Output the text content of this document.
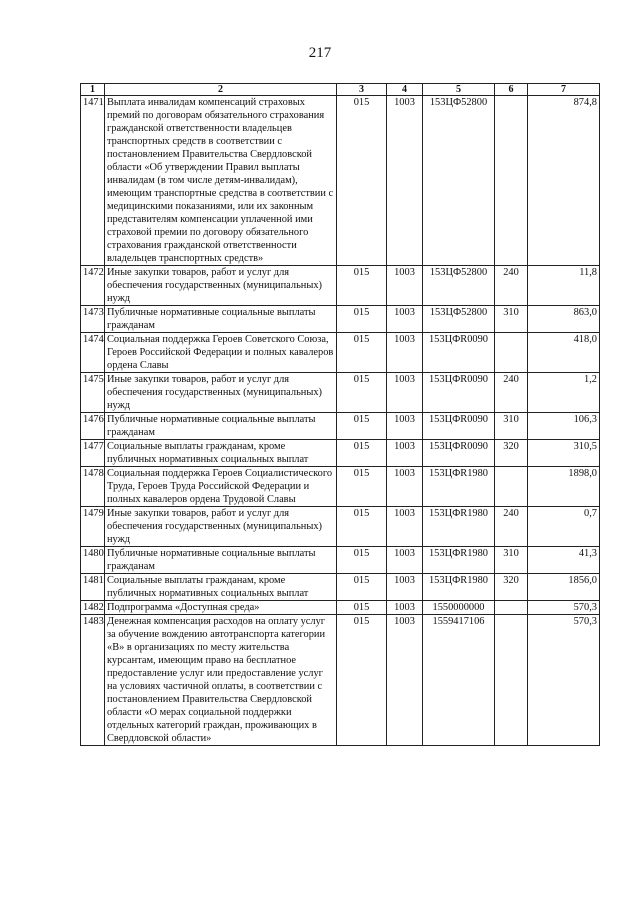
217
1	2	3	4	5	6	7
1471	Выплата инвалидам компенсаций страховых премий по договорам обязательного страхования гражданской ответственности владельцев транспортных средств в соответствии с постановлением Правительства Свердловской области «Об утверждении Правил выплаты инвалидам (в том числе детям-инвалидам), имеющим транспортные средства в соответствии с медицинскими показаниями, или их законным представителям компенсации уплаченной ими страховой премии по договору обязательного страхования гражданской ответственности владельцев транспортных средств»	015	1003	153ЦФ52800		874,8
1472	Иные закупки товаров, работ и услуг для обеспечения государственных (муниципальных) нужд	015	1003	153ЦФ52800	240	11,8
1473	Публичные нормативные социальные выплаты гражданам	015	1003	153ЦФ52800	310	863,0
1474	Социальная поддержка Героев Советского Союза, Героев Российской Федерации и полных кавалеров ордена Славы	015	1003	153ЦФR0090		418,0
1475	Иные закупки товаров, работ и услуг для обеспечения государственных (муниципальных) нужд	015	1003	153ЦФR0090	240	1,2
1476	Публичные нормативные социальные выплаты гражданам	015	1003	153ЦФR0090	310	106,3
1477	Социальные выплаты гражданам, кроме публичных нормативных социальных выплат	015	1003	153ЦФR0090	320	310,5
1478	Социальная поддержка Героев Социалистического Труда, Героев Труда Российской Федерации и полных кавалеров ордена Трудовой Славы	015	1003	153ЦФR1980		1898,0
1479	Иные закупки товаров, работ и услуг для обеспечения государственных (муниципальных) нужд	015	1003	153ЦФR1980	240	0,7
1480	Публичные нормативные социальные выплаты гражданам	015	1003	153ЦФR1980	310	41,3
1481	Социальные выплаты гражданам, кроме публичных нормативных социальных выплат	015	1003	153ЦФR1980	320	1856,0
1482	Подпрограмма «Доступная среда»	015	1003	1550000000		570,3
1483	Денежная компенсация расходов на оплату услуг за обучение вождению автотранспорта категории «В» в организациях по месту жительства курсантам, имеющим право на бесплатное предоставление услуг или предоставление услуг на условиях частичной оплаты, в соответствии с постановлением Правительства Свердловской области «О мерах социальной поддержки отдельных категорий граждан, проживающих в Свердловской области»	015	1003	1559417106		570,3
